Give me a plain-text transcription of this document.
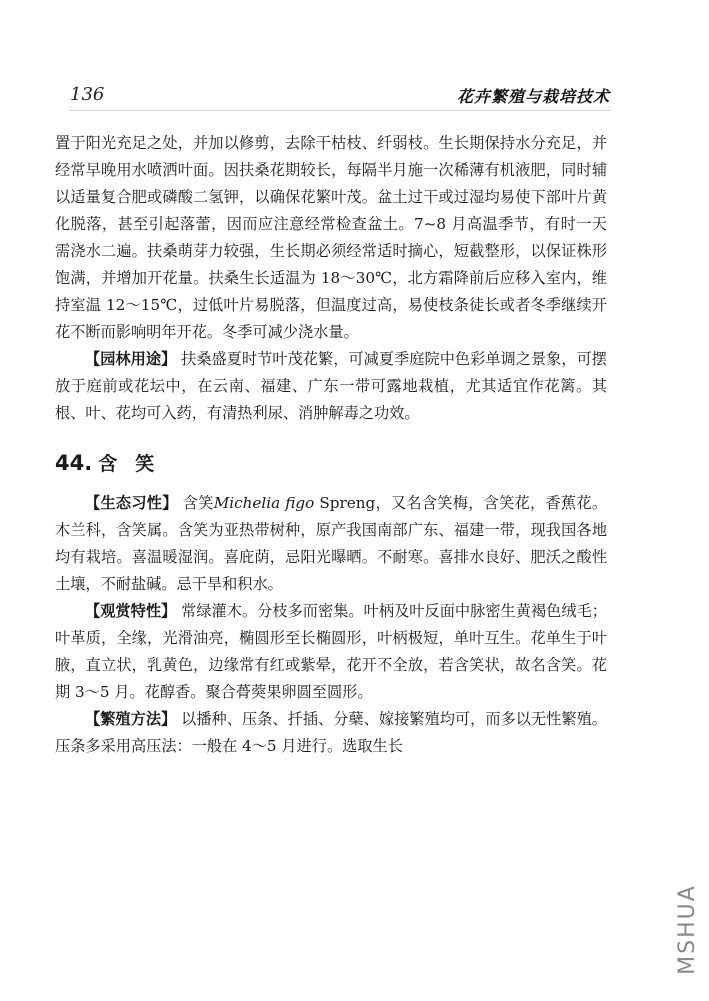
136	花卉繁殖与栽培技术

置于阳光充足之处，并加以修剪，去除干枯枝、纤弱枝。生长期保持水分充足，并经常早晚用水喷洒叶面。因扶桑花期较长，每隔半月施一次稀薄有机液肥，同时辅以适量复合肥或磷酸二氢钾，以确保花繁叶茂。盆土过干或过湿均易使下部叶片黄化脱落，甚至引起落蕾，因而应注意经常检查盆土。7~8 月高温季节，有时一天需浇水二遍。扶桑萌芽力较强，生长期必须经常适时摘心，短截整形，以保证株形饱满，并增加开花量。扶桑生长适温为 18～30℃，北方霜降前后应移入室内，维持室温 12～15℃，过低叶片易脱落，但温度过高，易使枝条徒长或者冬季继续开花不断而影响明年开花。冬季可减少浇水量。

【园林用途】 扶桑盛夏时节叶茂花繁，可减夏季庭院中色彩单调之景象，可摆放于庭前或花坛中，在云南、福建、广东一带可露地栽植，尤其适宜作花篱。其根、叶、花均可入药，有清热利尿、消肿解毒之功效。

44. 含笑

【生态习性】 含笑Michelia figo Spreng，又名含笑梅，含笑花，香蕉花。木兰科，含笑属。含笑为亚热带树种，原产我国南部广东、福建一带，现我国各地均有栽培。喜温暖湿润。喜庇荫，忌阳光曝晒。不耐寒。喜排水良好、肥沃之酸性土壤，不耐盐碱。忌干旱和积水。

【观赏特性】 常绿灌木。分枝多而密集。叶柄及叶反面中脉密生黄褐色绒毛；叶革质，全缘，光滑油亮，椭圆形至长椭圆形，叶柄极短，单叶互生。花单生于叶腋，直立状，乳黄色，边缘常有红或紫晕，花开不全放，若含笑状，故名含笑。花期 3～5 月。花醇香。聚合蓇葖果卵圆至圆形。

【繁殖方法】 以播种、压条、扦插、分蘖、嫁接繁殖均可，而多以无性繁殖。压条多采用高压法：一般在 4～5 月进行。选取生长

MSHUA
